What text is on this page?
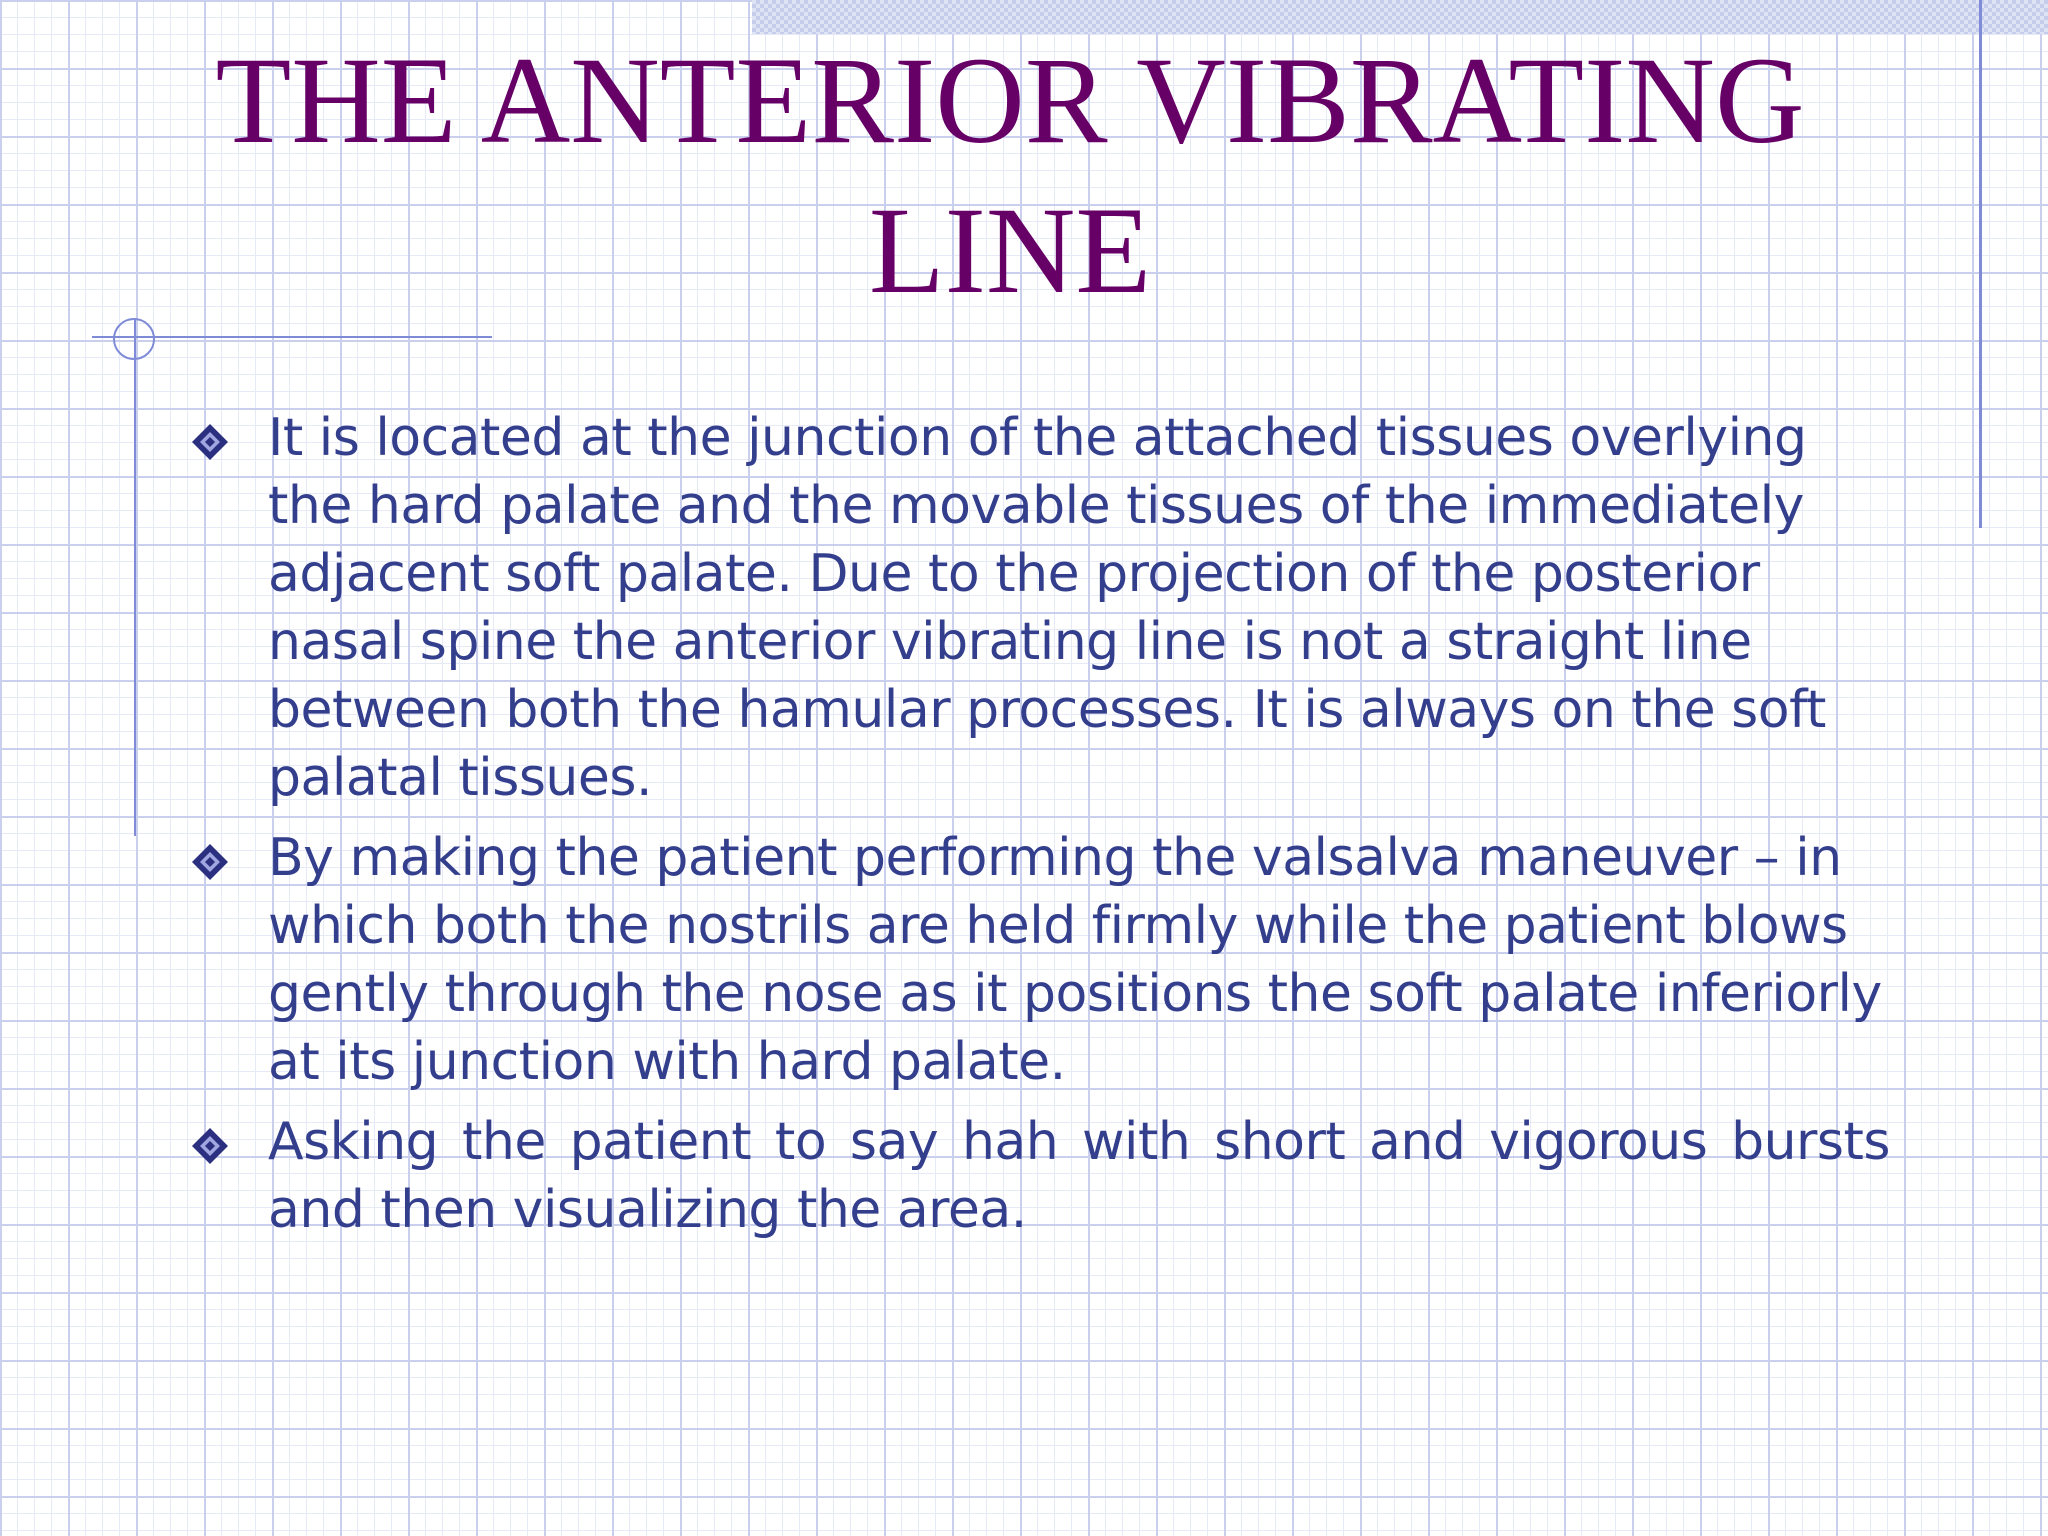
THE ANTERIOR VIBRATING LINE
It is located at the junction of the attached tissues overlying the hard palate and the movable tissues of the immediately adjacent soft palate. Due to the projection of the posterior nasal spine the anterior vibrating line is not a straight line between both the hamular processes. It is always on the soft palatal tissues.
By making the patient performing the valsalva maneuver – in which both the nostrils are held firmly while the patient blows gently through the nose as it positions the soft palate inferiorly at its junction with hard palate.
Asking the patient to say hah with short and vigorous bursts and then visualizing the area.
